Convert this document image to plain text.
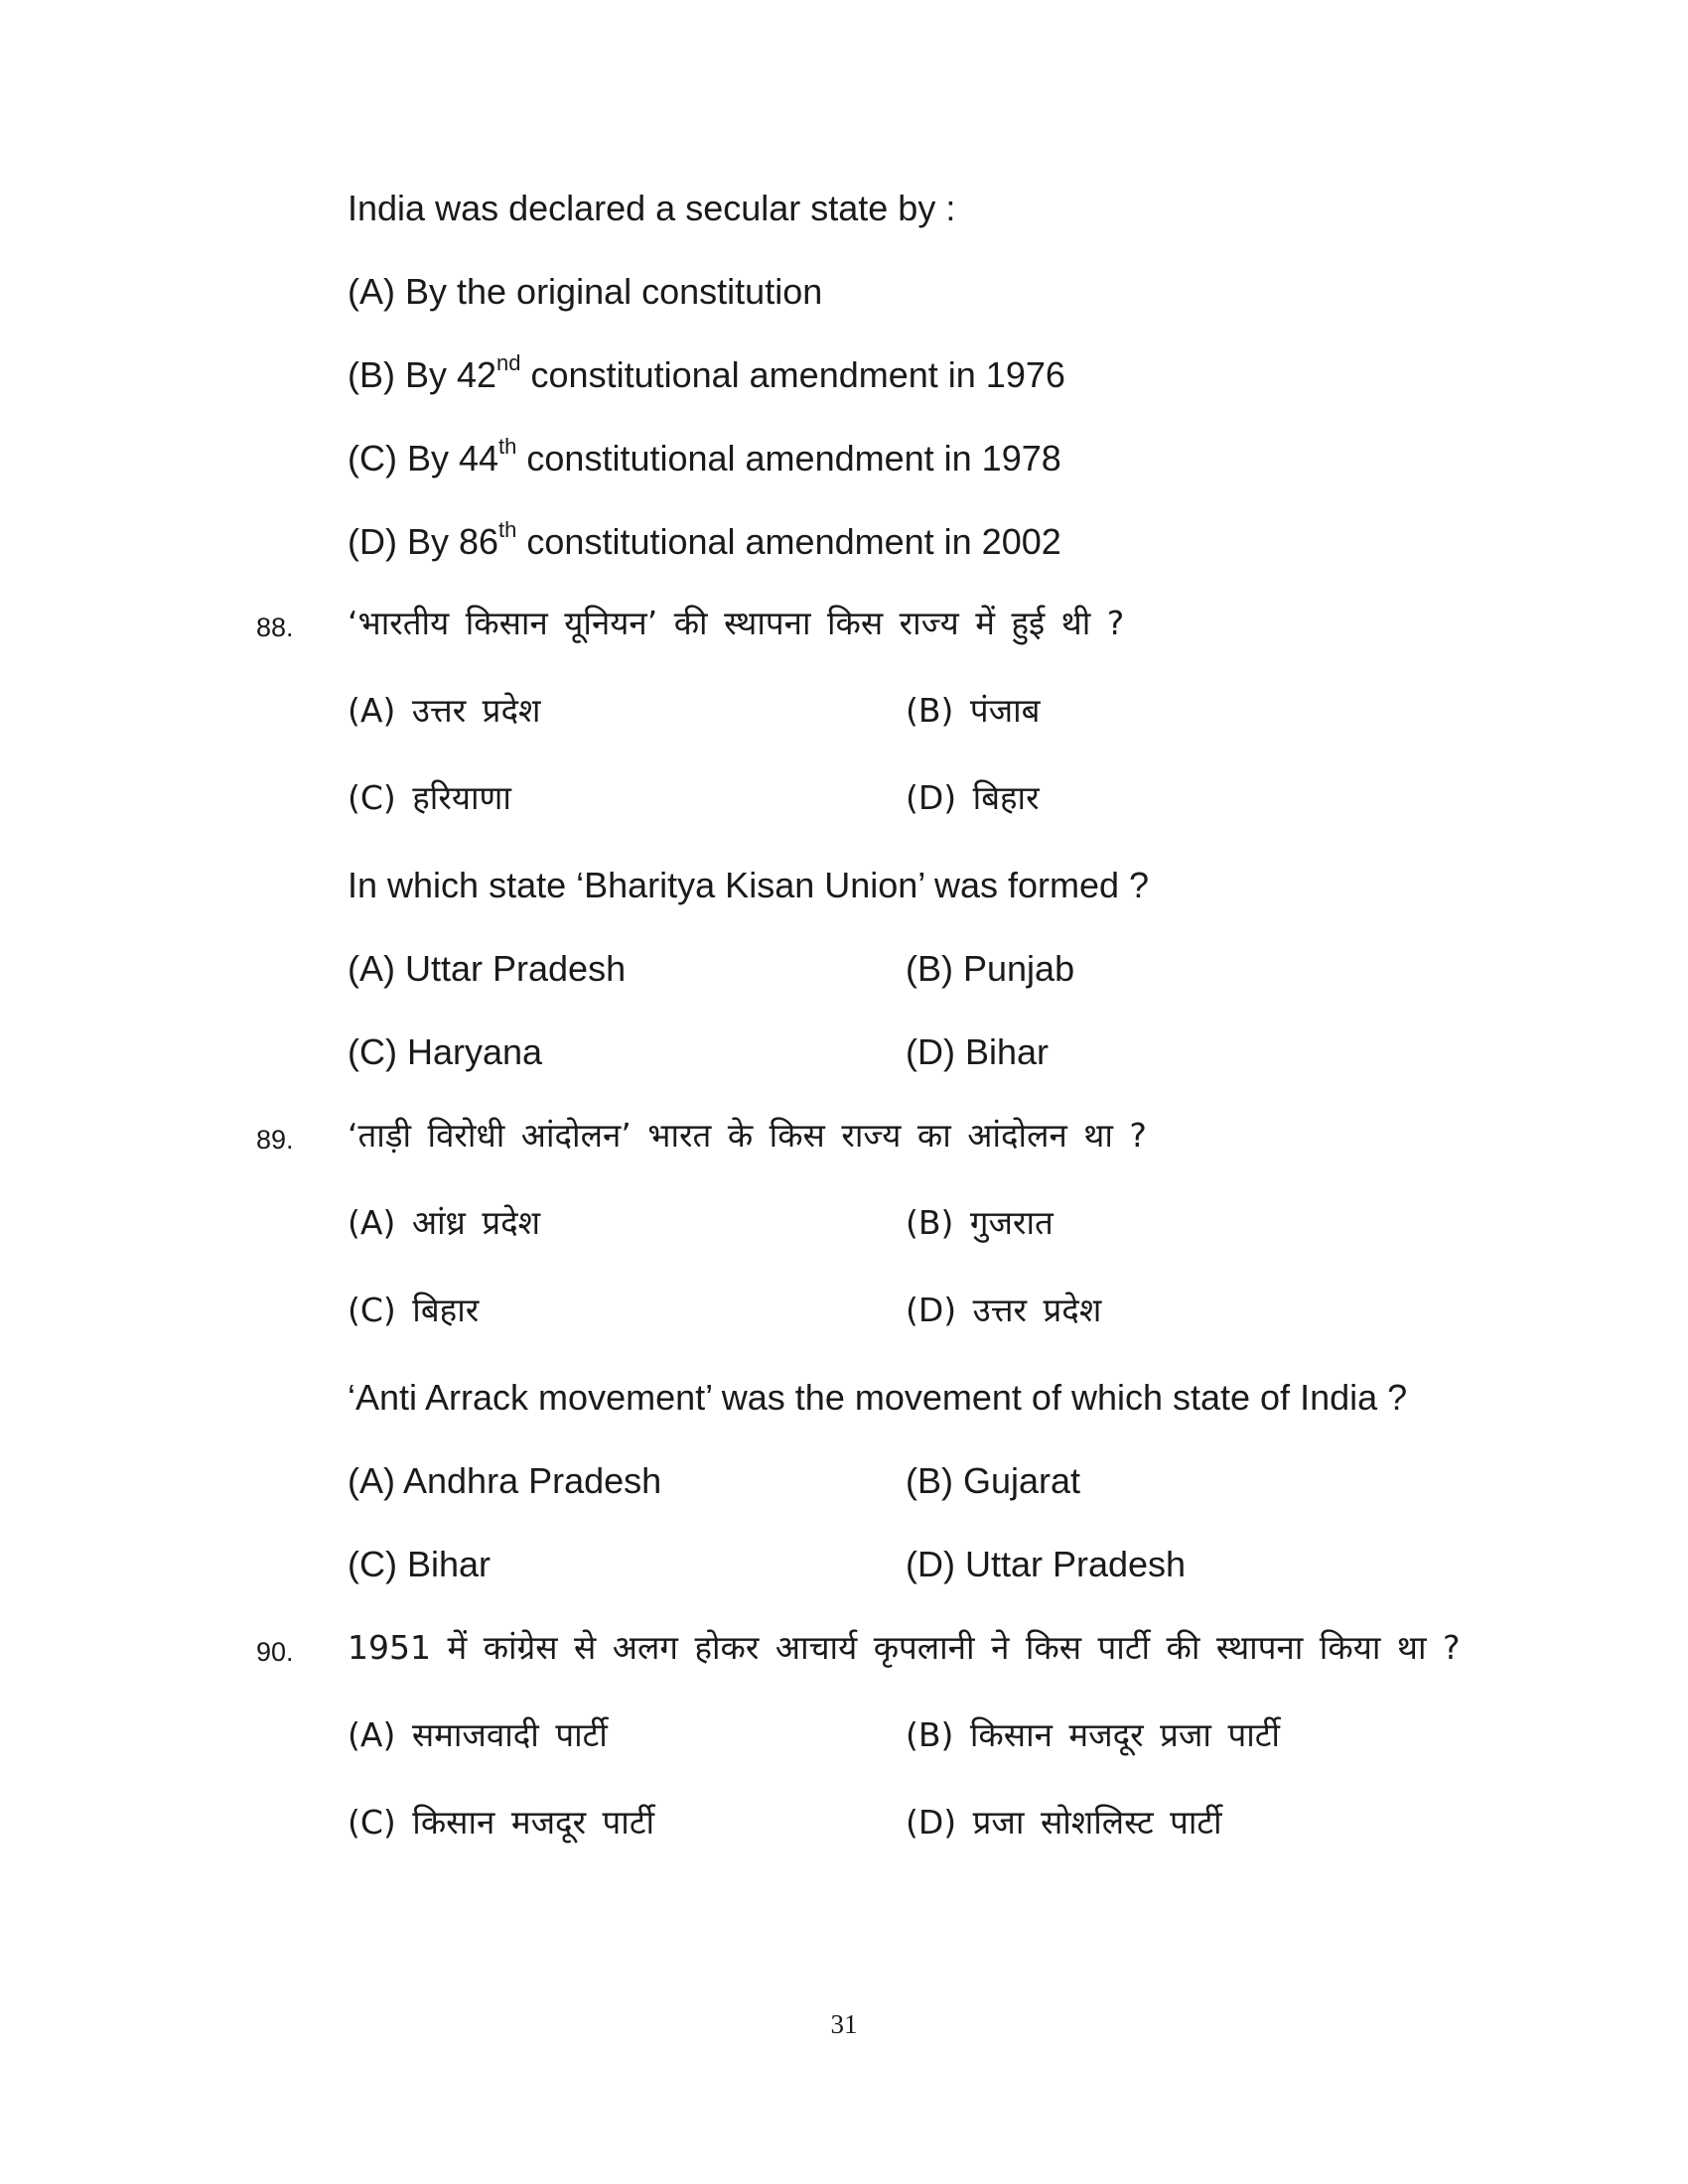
India was declared a secular state by :
(A) By the original constitution
(B) By 42nd constitutional amendment in 1976
(C) By 44th constitutional amendment in 1978
(D) By 86th constitutional amendment in 2002
88. ‘भारतीय किसान यूनियन’ की स्थापना किस राज्य में हुई थी ?
(A) उत्तर प्रदेश	(B) पंजाब
(C) हरियाणा	(D) बिहार
In which state ‘Bharitya Kisan Union’ was formed ?
(A) Uttar Pradesh	(B) Punjab
(C) Haryana	(D) Bihar
89. ‘ताड़ी विरोधी आंदोलन’ भारत के किस राज्य का आंदोलन था ?
(A) आंध्र प्रदेश	(B) गुजरात
(C) बिहार	(D) उत्तर प्रदेश
‘Anti Arrack movement’ was the movement of which state of India ?
(A) Andhra Pradesh	(B) Gujarat
(C) Bihar	(D) Uttar Pradesh
90. 1951 में कांग्रेस से अलग होकर आचार्य कृपलानी ने किस पार्टी की स्थापना किया था ?
(A) समाजवादी पार्टी	(B) किसान मजदूर प्रजा पार्टी
(C) किसान मजदूर पार्टी	(D) प्रजा सोशलिस्ट पार्टी
31
